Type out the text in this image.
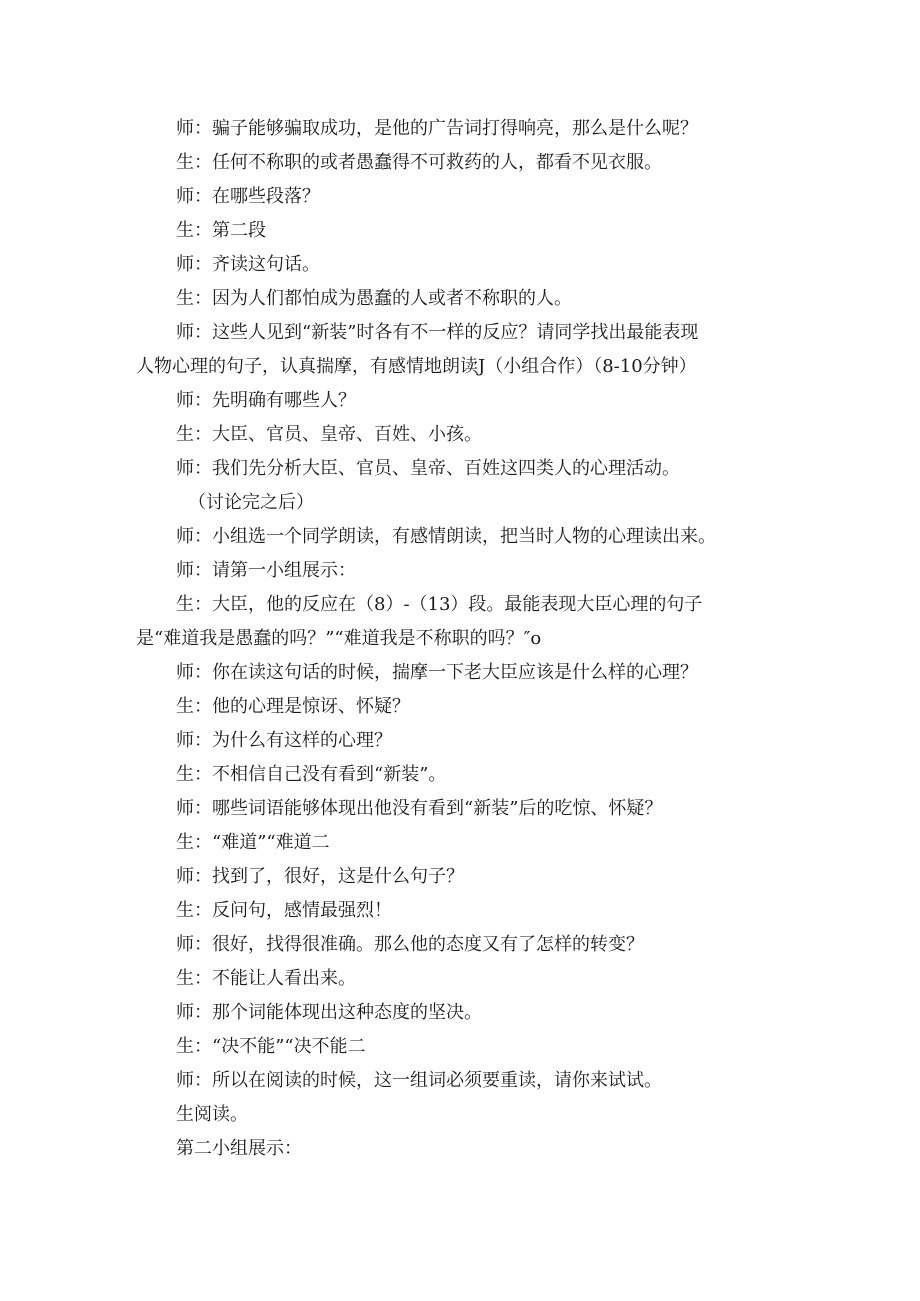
师：骗子能够骗取成功，是他的广告词打得响亮，那么是什么呢？
生：任何不称职的或者愚蠢得不可救药的人，都看不见衣服。
师：在哪些段落？
生：第二段
师：齐读这句话。
生：因为人们都怕成为愚蠢的人或者不称职的人。
师：这些人见到“新装”时各有不一样的反应？请同学找出最能表现
人物心理的句子，认真揣摩，有感情地朗读J（小组合作）（8-10分钟）
师：先明确有哪些人？
生：大臣、官员、皇帝、百姓、小孩。
师：我们先分析大臣、官员、皇帝、百姓这四类人的心理活动。
（讨论完之后）
师：小组选一个同学朗读，有感情朗读，把当时人物的心理读出来。
师：请第一小组展示：
生：大臣，他的反应在（8）-（13）段。最能表现大臣心理的句子
是“难道我是愚蠢的吗？”“难道我是不称职的吗？″o
师：你在读这句话的时候，揣摩一下老大臣应该是什么样的心理？
生：他的心理是惊讶、怀疑？
师：为什么有这样的心理？
生：不相信自己没有看到“新装”。
师：哪些词语能够体现出他没有看到“新装”后的吃惊、怀疑？
生：“难道”“难道二
师：找到了，很好，这是什么句子？
生：反问句，感情最强烈！
师：很好，找得很准确。那么他的态度又有了怎样的转变？
生：不能让人看出来。
师：那个词能体现出这种态度的坚决。
生：“决不能”“决不能二
师：所以在阅读的时候，这一组词必须要重读，请你来试试。
生阅读。
第二小组展示：
